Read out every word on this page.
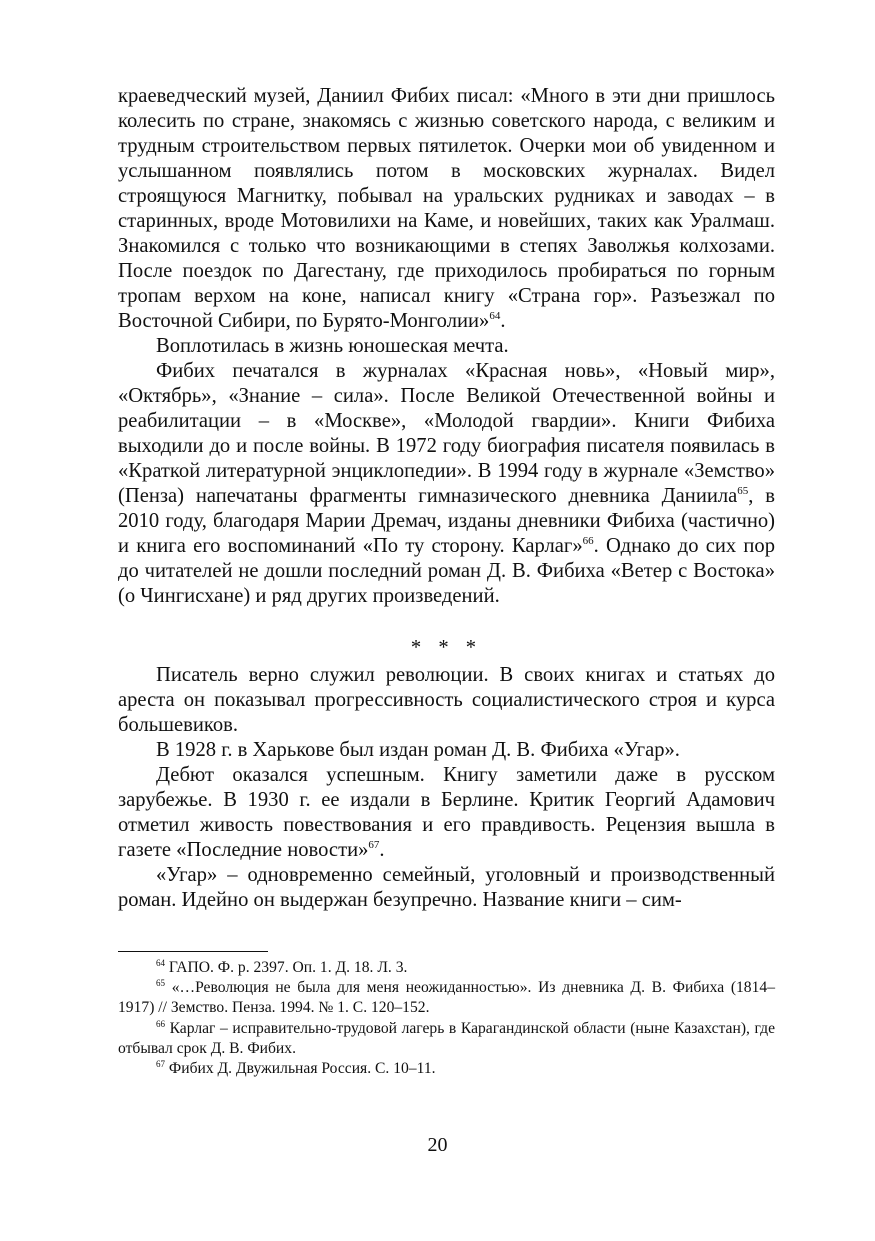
краеведческий музей, Даниил Фибих писал: «Много в эти дни пришлось колесить по стране, знакомясь с жизнью советского народа, с великим и трудным строительством первых пятилеток. Очерки мои об увиденном и услышанном появлялись потом в московских журналах. Видел строящуюся Магнитку, побывал на уральских рудниках и заводах – в старинных, вроде Мотовилихи на Каме, и новейших, таких как Уралмаш. Знакомился с только что возникающими в степях Заволжья колхозами. После поездок по Дагестану, где приходилось пробираться по горным тропам верхом на коне, написал книгу «Страна гор». Разъезжал по Восточной Сибири, по Бурято-Монголии»$^{64}$.

Воплотилась в жизнь юношеская мечта.

Фибих печатался в журналах «Красная новь», «Новый мир», «Октябрь», «Знание – сила». После Великой Отечественной войны и реабилитации – в «Москве», «Молодой гвардии». Книги Фибиха выходили до и после войны. В 1972 году биография писателя появилась в «Краткой литературной энциклопедии». В 1994 году в журнале «Земство» (Пенза) напечатаны фрагменты гимназического дневника Даниила$^{65}$, в 2010 году, благодаря Марии Дремач, изданы дневники Фибиха (частично) и книга его воспоминаний «По ту сторону. Карлаг»$^{66}$. Однако до сих пор до читателей не дошли последний роман Д. В. Фибиха «Ветер с Востока» (о Чингисхане) и ряд других произведений.

* * *

Писатель верно служил революции. В своих книгах и статьях до ареста он показывал прогрессивность социалистического строя и курса большевиков.

В 1928 г. в Харькове был издан роман Д. В. Фибиха «Угар».

Дебют оказался успешным. Книгу заметили даже в русском зарубежье. В 1930 г. ее издали в Берлине. Критик Георгий Адамович отметил живость повествования и его правдивость. Рецензия вышла в газете «Последние новости»$^{67}$.

«Угар» – одновременно семейный, уголовный и производственный роман. Идейно он выдержан безупречно. Название книги – сим-

$^{64}$ ГАПО. Ф. р. 2397. Оп. 1. Д. 18. Л. 3.

$^{65}$ «…Революция не была для меня неожиданностью». Из дневника Д. В. Фибиха (1814–1917) // Земство. Пенза. 1994. № 1. С. 120–152.

$^{66}$ Карлаг – исправительно-трудовой лагерь в Карагандинской области (ныне Казахстан), где отбывал срок Д. В. Фибих.

$^{67}$ Фибих Д. Двужильная Россия. С. 10–11.

20
